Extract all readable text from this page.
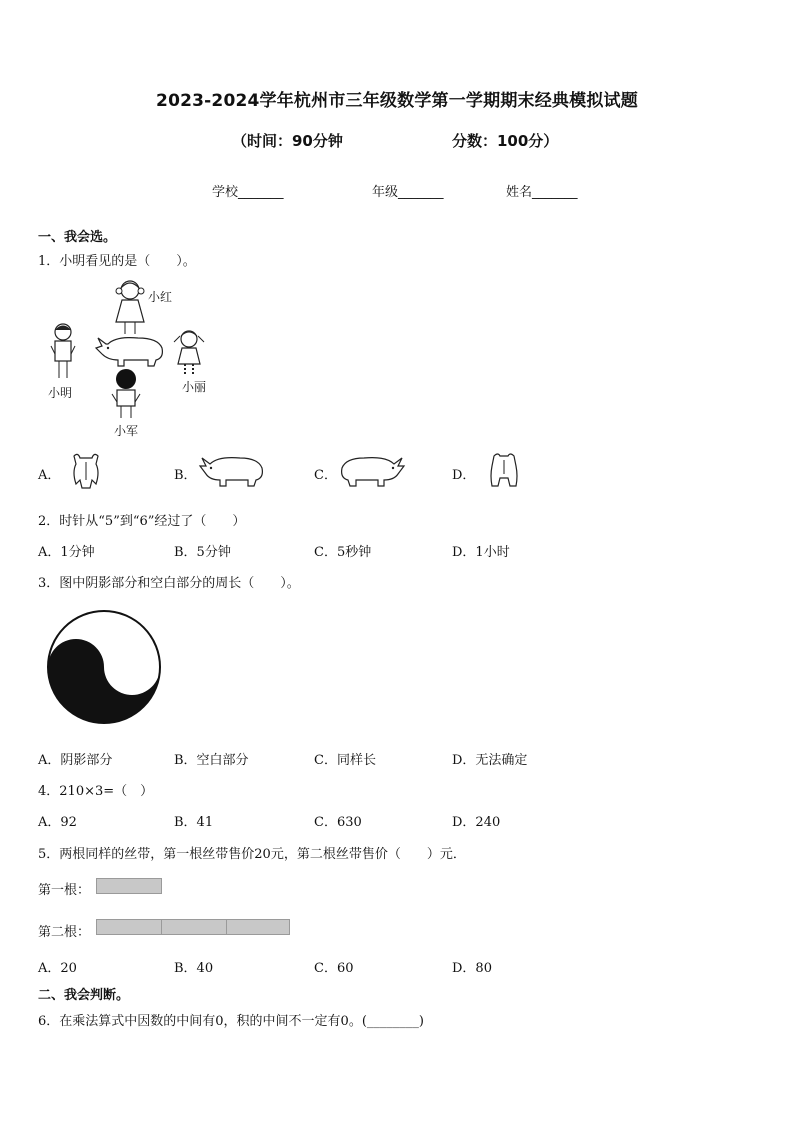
2023-2024学年杭州市三年级数学第一学期期末经典模拟试题
（时间：90分钟	分数：100分）
学校_______	年级_______	姓名_______
一、我会选。
1．小明看见的是（　　）。
小红
小明	小丽
小军
A．	B．	C．	D．
2．时针从“5”到“6”经过了（　　）
A．1分钟	B．5分钟	C．5秒钟	D．1小时
3．图中阴影部分和空白部分的周长（　　）。
A．阴影部分	B．空白部分	C．同样长	D．无法确定
4．210×3=（　）
A．92	B．41	C．630	D．240
5．两根同样的丝带，第一根丝带售价20元，第二根丝带售价（　　）元．
第一根：
第二根：
A．20	B．40	C．60	D．80
二、我会判断。
6．在乘法算式中因数的中间有0，积的中间不一定有0。(________)
